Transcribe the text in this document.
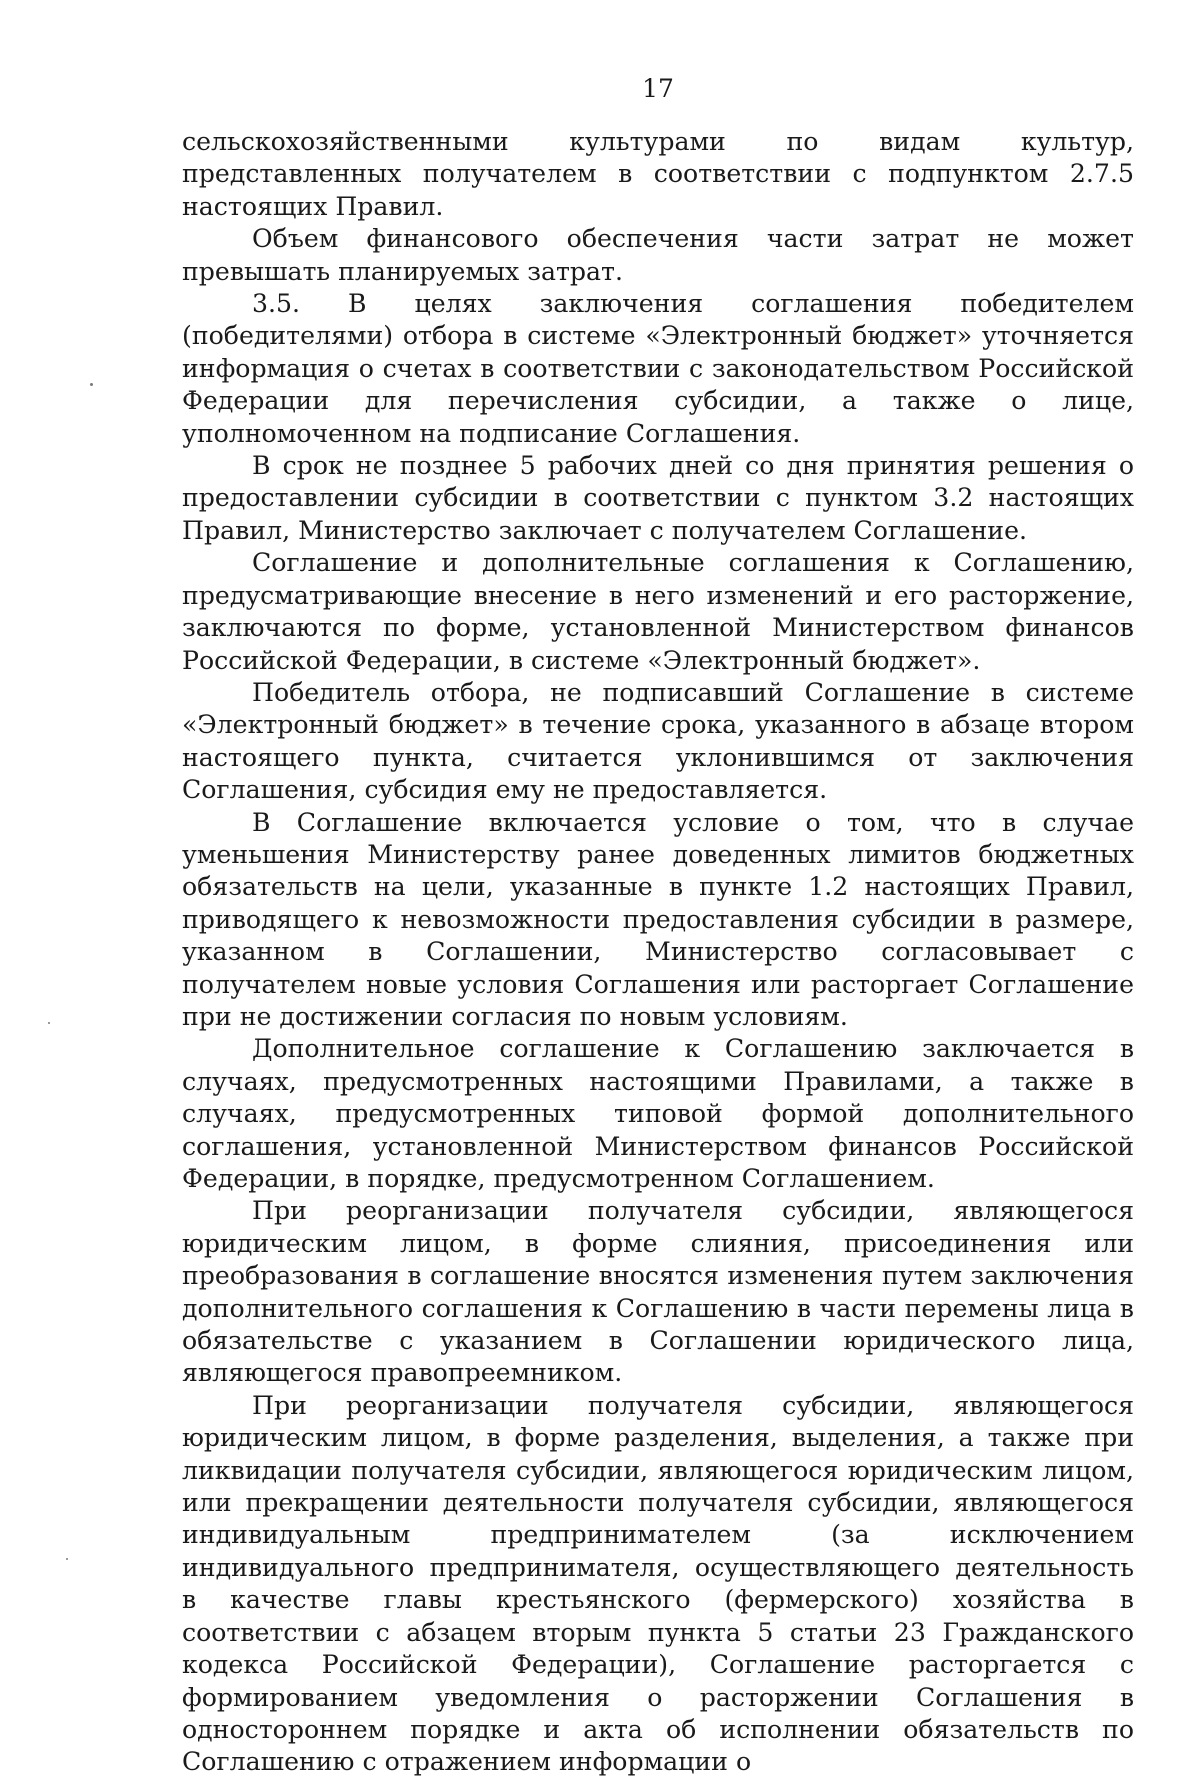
17

сельскохозяйственными культурами по видам культур, представленных получателем в соответствии с подпунктом 2.7.5 настоящих Правил.

Объем финансового обеспечения части затрат не может превышать планируемых затрат.

3.5. В целях заключения соглашения победителем (победителями) отбора в системе «Электронный бюджет» уточняется информация о счетах в соответствии с законодательством Российской Федерации для перечисления субсидии, а также о лице, уполномоченном на подписание Соглашения.

В срок не позднее 5 рабочих дней со дня принятия решения о предоставлении субсидии в соответствии с пунктом 3.2 настоящих Правил, Министерство заключает с получателем Соглашение.

Соглашение и дополнительные соглашения к Соглашению, предусматривающие внесение в него изменений и его расторжение, заключаются по форме, установленной Министерством финансов Российской Федерации, в системе «Электронный бюджет».

Победитель отбора, не подписавший Соглашение в системе «Электронный бюджет» в течение срока, указанного в абзаце втором настоящего пункта, считается уклонившимся от заключения Соглашения, субсидия ему не предоставляется.

В Соглашение включается условие о том, что в случае уменьшения Министерству ранее доведенных лимитов бюджетных обязательств на цели, указанные в пункте 1.2 настоящих Правил, приводящего к невозможности предоставления субсидии в размере, указанном в Соглашении, Министерство согласовывает с получателем новые условия Соглашения или расторгает Соглашение при не достижении согласия по новым условиям.

Дополнительное соглашение к Соглашению заключается в случаях, предусмотренных настоящими Правилами, а также в случаях, предусмотренных типовой формой дополнительного соглашения, установленной Министерством финансов Российской Федерации, в порядке, предусмотренном Соглашением.

При реорганизации получателя субсидии, являющегося юридическим лицом, в форме слияния, присоединения или преобразования в соглашение вносятся изменения путем заключения дополнительного соглашения к Соглашению в части перемены лица в обязательстве с указанием в Соглашении юридического лица, являющегося правопреемником.

При реорганизации получателя субсидии, являющегося юридическим лицом, в форме разделения, выделения, а также при ликвидации получателя субсидии, являющегося юридическим лицом, или прекращении деятельности получателя субсидии, являющегося индивидуальным предпринимателем (за исключением индивидуального предпринимателя, осуществляющего деятельность в качестве главы крестьянского (фермерского) хозяйства в соответствии с абзацем вторым пункта 5 статьи 23 Гражданского кодекса Российской Федерации), Соглашение расторгается с формированием уведомления о расторжении Соглашения в одностороннем порядке и акта об исполнении обязательств по Соглашению с отражением информации о
